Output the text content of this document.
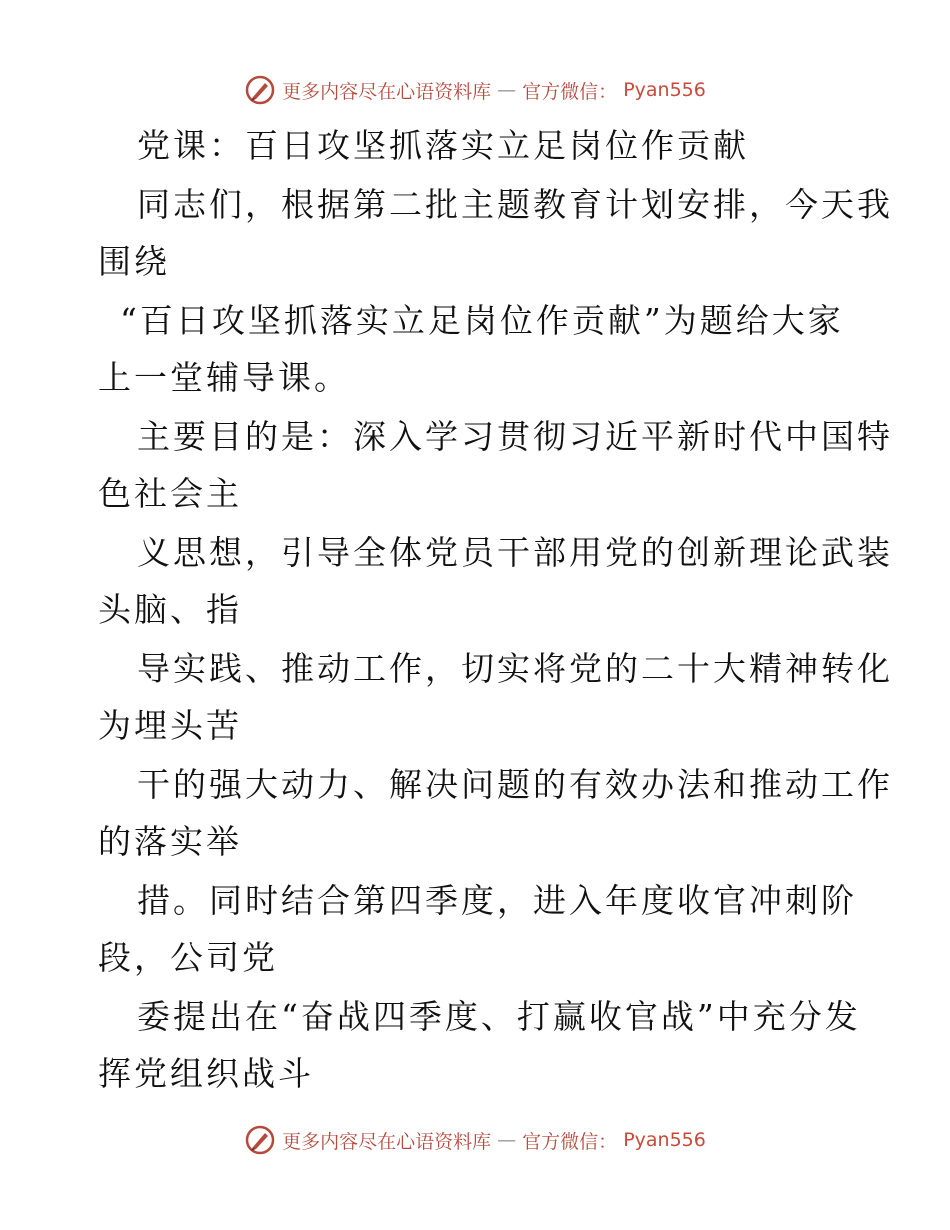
更多内容尽在心语资料库 — 官方微信： Pyan556
党课：百日攻坚抓落实立足岗位作贡献
同志们，根据第二批主题教育计划安排，今天我
围绕
“百日攻坚抓落实立足岗位作贡献”为题给大家
上一堂辅导课。
主要目的是：深入学习贯彻习近平新时代中国特
色社会主
义思想，引导全体党员干部用党的创新理论武装
头脑、指
导实践、推动工作，切实将党的二十大精神转化
为埋头苦
干的强大动力、解决问题的有效办法和推动工作
的落实举
措。同时结合第四季度，进入年度收官冲刺阶
段，公司党
委提出在“奋战四季度、打赢收官战”中充分发
挥党组织战斗
更多内容尽在心语资料库 — 官方微信： Pyan556
